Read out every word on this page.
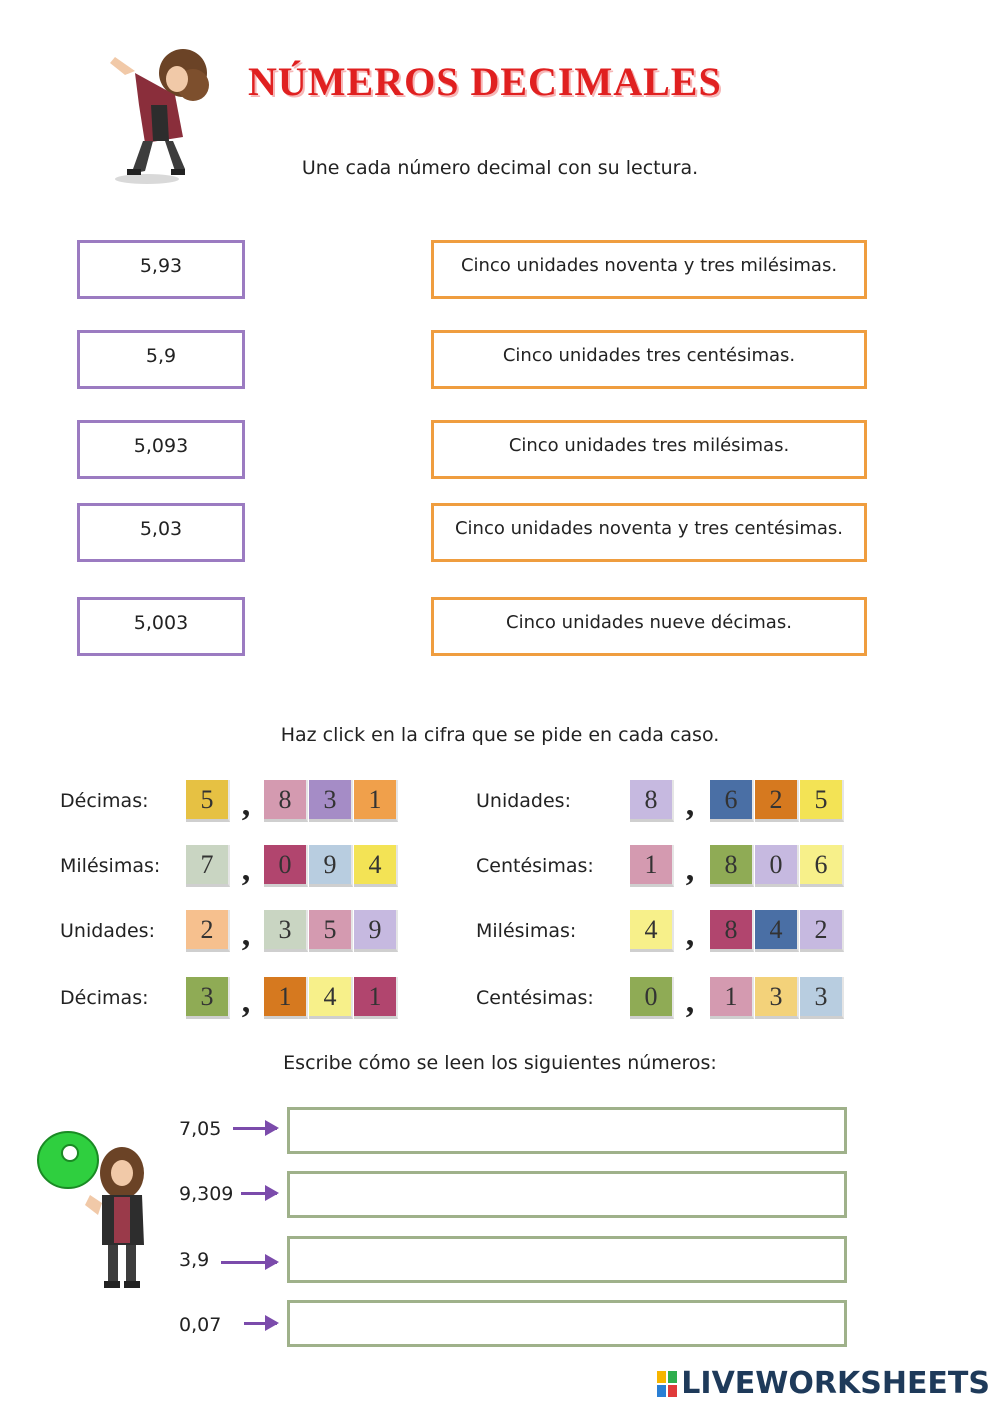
NÚMEROS DECIMALES
Une cada número decimal con su lectura.
5,93
5,9
5,093
5,03
5,003
Cinco unidades noventa y tres milésimas.
Cinco unidades tres centésimas.
Cinco unidades tres milésimas.
Cinco unidades noventa y tres centésimas.
Cinco unidades nueve décimas.
Haz click en la cifra que se pide en cada caso.
Décimas:	5 ,	8	3	1
Milésimas:	7 ,	0	9	4
Unidades:	2 ,	3	5	9
Décimas:	3 ,	1	4	1
Unidades:	8 ,	6	2	5
Centésimas:	1 ,	8	0	6
Milésimas:	4 ,	8	4	2
Centésimas:	0 ,	1	3	3
Escribe cómo se leen los siguientes números:
7,05
9,309
3,9
0,07
LIVEWORKSHEETS
